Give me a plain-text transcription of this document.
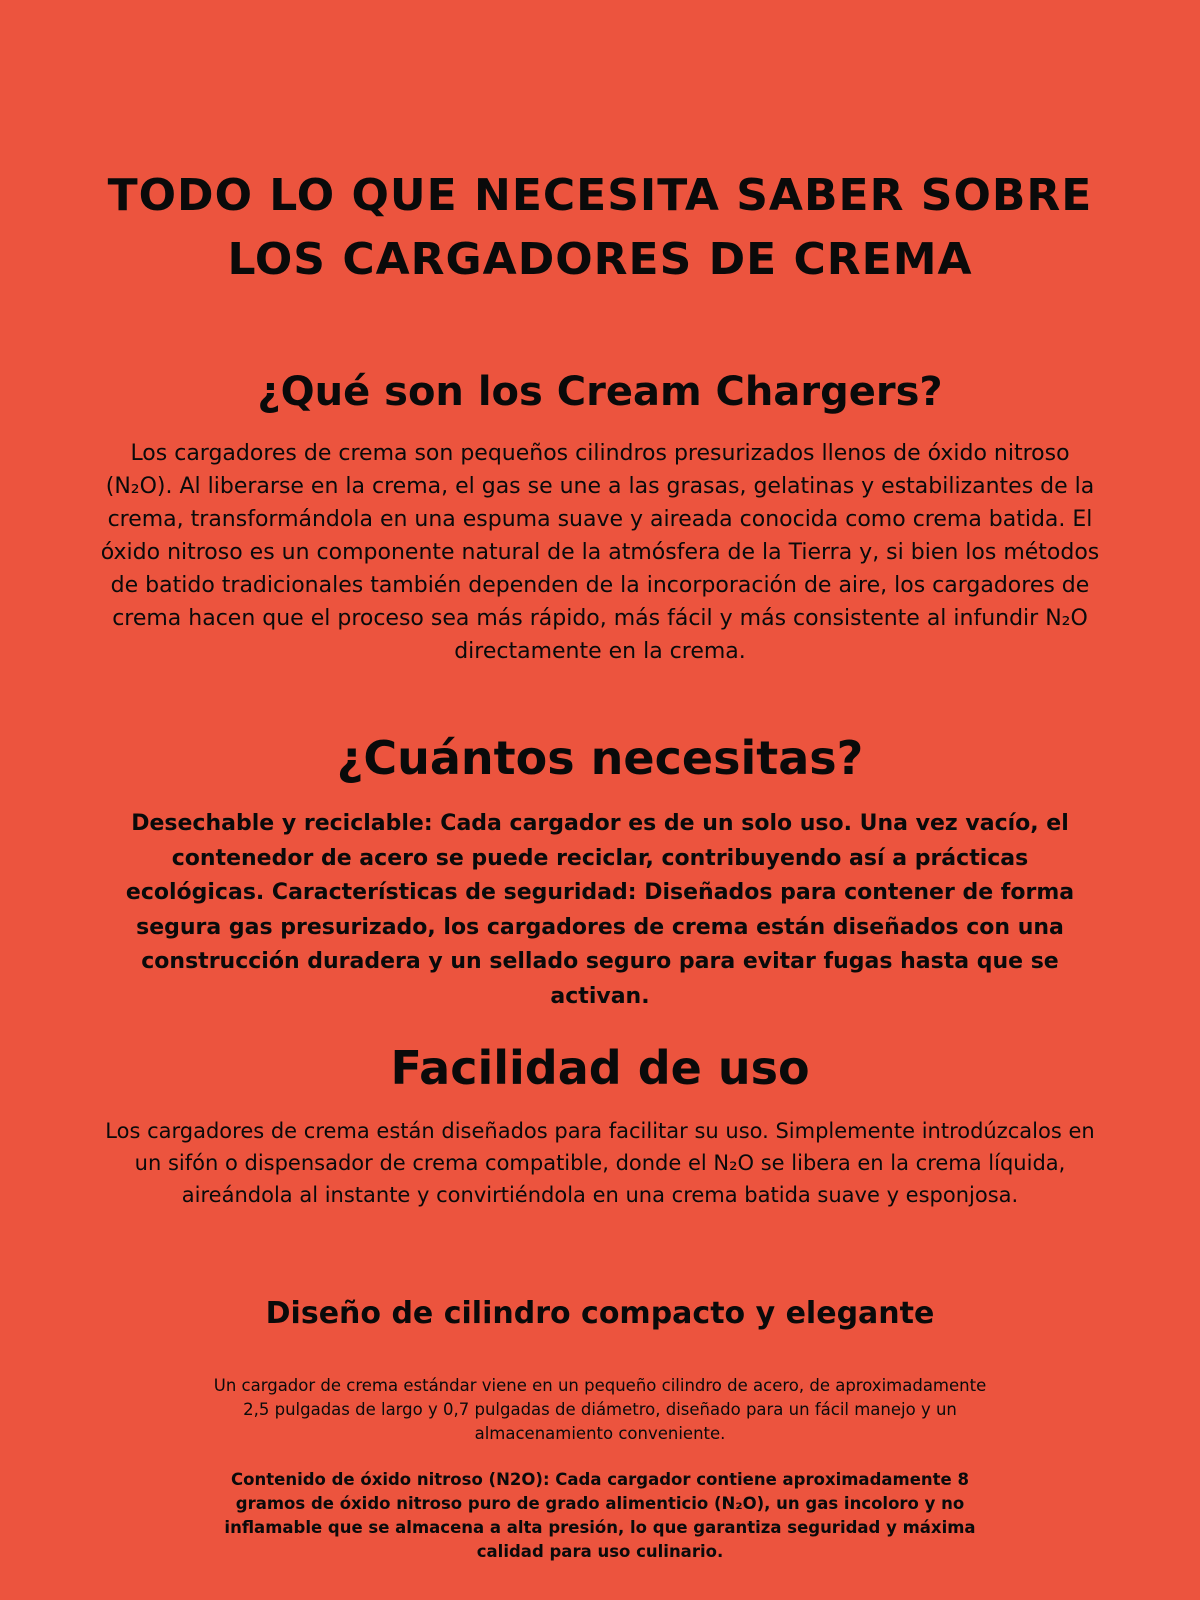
TODO LO QUE NECESITA SABER SOBRE LOS CARGADORES DE CREMA
¿Qué son los Cream Chargers?

Los cargadores de crema son pequeños cilindros presurizados llenos de óxido nitroso (N₂O). Al liberarse en la crema, el gas se une a las grasas, gelatinas y estabilizantes de la crema, transformándola en una espuma suave y aireada conocida como crema batida. El óxido nitroso es un componente natural de la atmósfera de la Tierra y, si bien los métodos de batido tradicionales también dependen de la incorporación de aire, los cargadores de crema hacen que el proceso sea más rápido, más fácil y más consistente al infundir N₂O directamente en la crema.

¿Cuántos necesitas?

Desechable y reciclable: Cada cargador es de un solo uso. Una vez vacío, el contenedor de acero se puede reciclar, contribuyendo así a prácticas ecológicas. Características de seguridad: Diseñados para contener de forma segura gas presurizado, los cargadores de crema están diseñados con una construcción duradera y un sellado seguro para evitar fugas hasta que se activan.

Facilidad de uso

Los cargadores de crema están diseñados para facilitar su uso. Simplemente introdúzcalos en un sifón o dispensador de crema compatible, donde el N₂O se libera en la crema líquida, aireándola al instante y convirtiéndola en una crema batida suave y esponjosa.

Diseño de cilindro compacto y elegante

Un cargador de crema estándar viene en un pequeño cilindro de acero, de aproximadamente 2,5 pulgadas de largo y 0,7 pulgadas de diámetro, diseñado para un fácil manejo y un almacenamiento conveniente.

Contenido de óxido nitroso (N2O): Cada cargador contiene aproximadamente 8 gramos de óxido nitroso puro de grado alimenticio (N₂O), un gas incoloro y no inflamable que se almacena a alta presión, lo que garantiza seguridad y máxima calidad para uso culinario.
